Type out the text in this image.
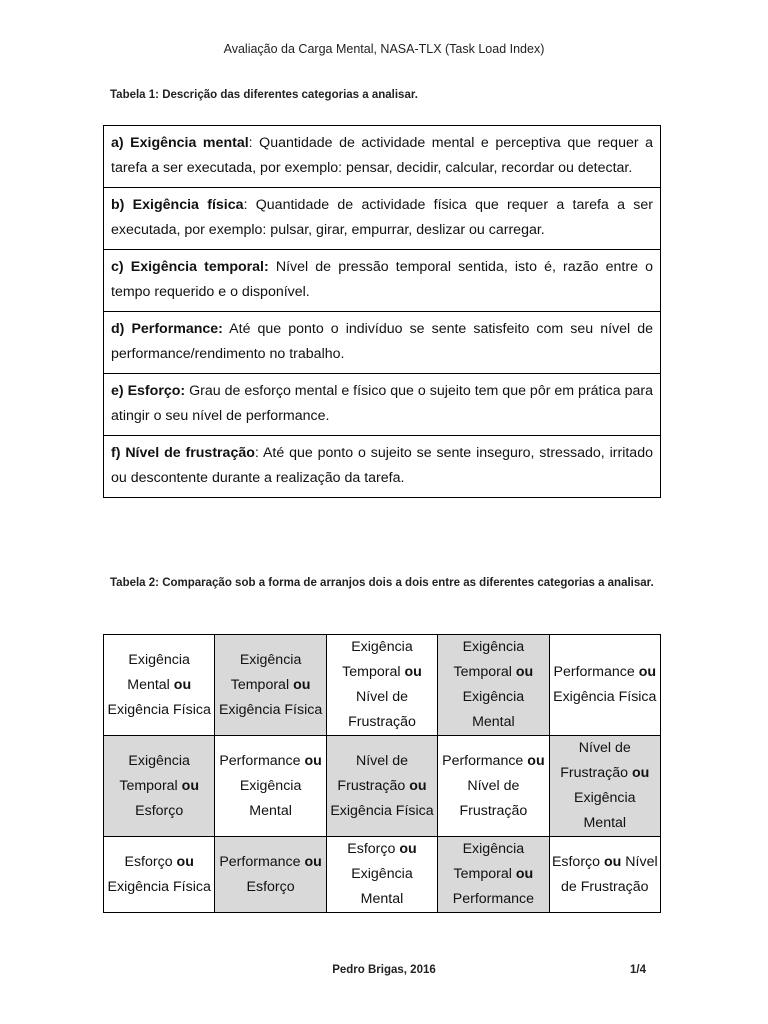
Avaliação da Carga Mental, NASA-TLX (Task Load Index)
Tabela 1: Descrição das diferentes categorias a analisar.
a) Exigência mental: Quantidade de actividade mental e perceptiva que requer a tarefa a ser executada, por exemplo: pensar, decidir, calcular, recordar ou detectar.
b) Exigência física: Quantidade de actividade física que requer a tarefa a ser executada, por exemplo: pulsar, girar, empurrar, deslizar ou carregar.
c) Exigência temporal: Nível de pressão temporal sentida, isto é, razão entre o tempo requerido e o disponível.
d) Performance: Até que ponto o indivíduo se sente satisfeito com seu nível de performance/rendimento no trabalho.
e) Esforço: Grau de esforço mental e físico que o sujeito tem que pôr em prática para atingir o seu nível de performance.
f) Nível de frustração: Até que ponto o sujeito se sente inseguro, stressado, irritado ou descontente durante a realização da tarefa.
Tabela 2: Comparação sob a forma de arranjos dois a dois entre as diferentes categorias a analisar.
Exigência Mental ou Exigência Física	Exigência Temporal ou Exigência Física	Exigência Temporal ou Nível de Frustração	Exigência Temporal ou Exigência Mental	Performance ou Exigência Física
Exigência Temporal ou Esforço	Performance ou Exigência Mental	Nível de Frustração ou Exigência Física	Performance ou Nível de Frustração	Nível de Frustração ou Exigência Mental
Esforço ou Exigência Física	Performance ou Esforço	Esforço ou Exigência Mental	Exigência Temporal ou Performance	Esforço ou Nível de Frustração
Pedro Brigas, 2016	1/4
